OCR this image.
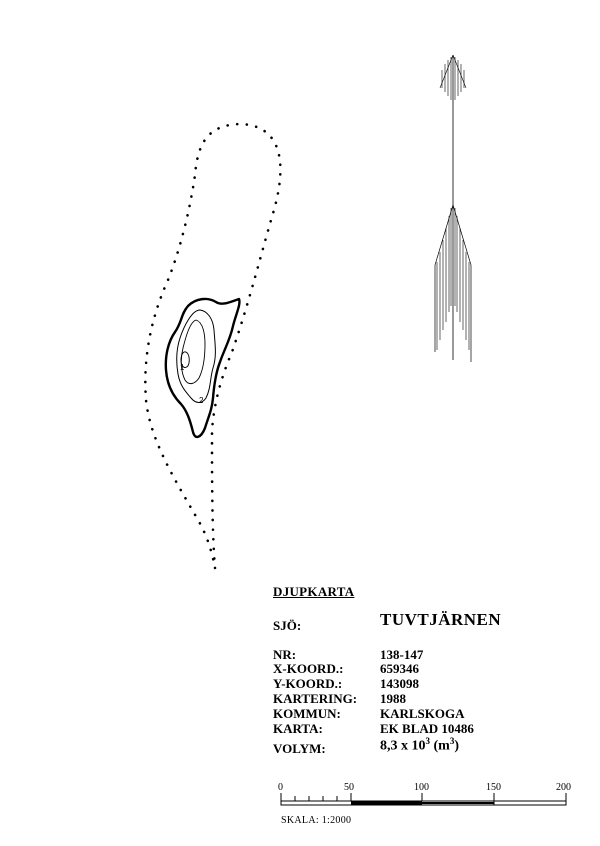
1
2
0	50	100	150	200
DJUPKARTA
SJÖ:	TUVTJÄRNEN
NR:	138-147
X-KOORD.:	659346
Y-KOORD.:	143098
KARTERING: 1988
KOMMUN:	KARLSKOGA
KARTA:	EK BLAD 10486
VOLYM:	8,3 x $10^3$ $(m^3)$
SKALA: 1:2000
